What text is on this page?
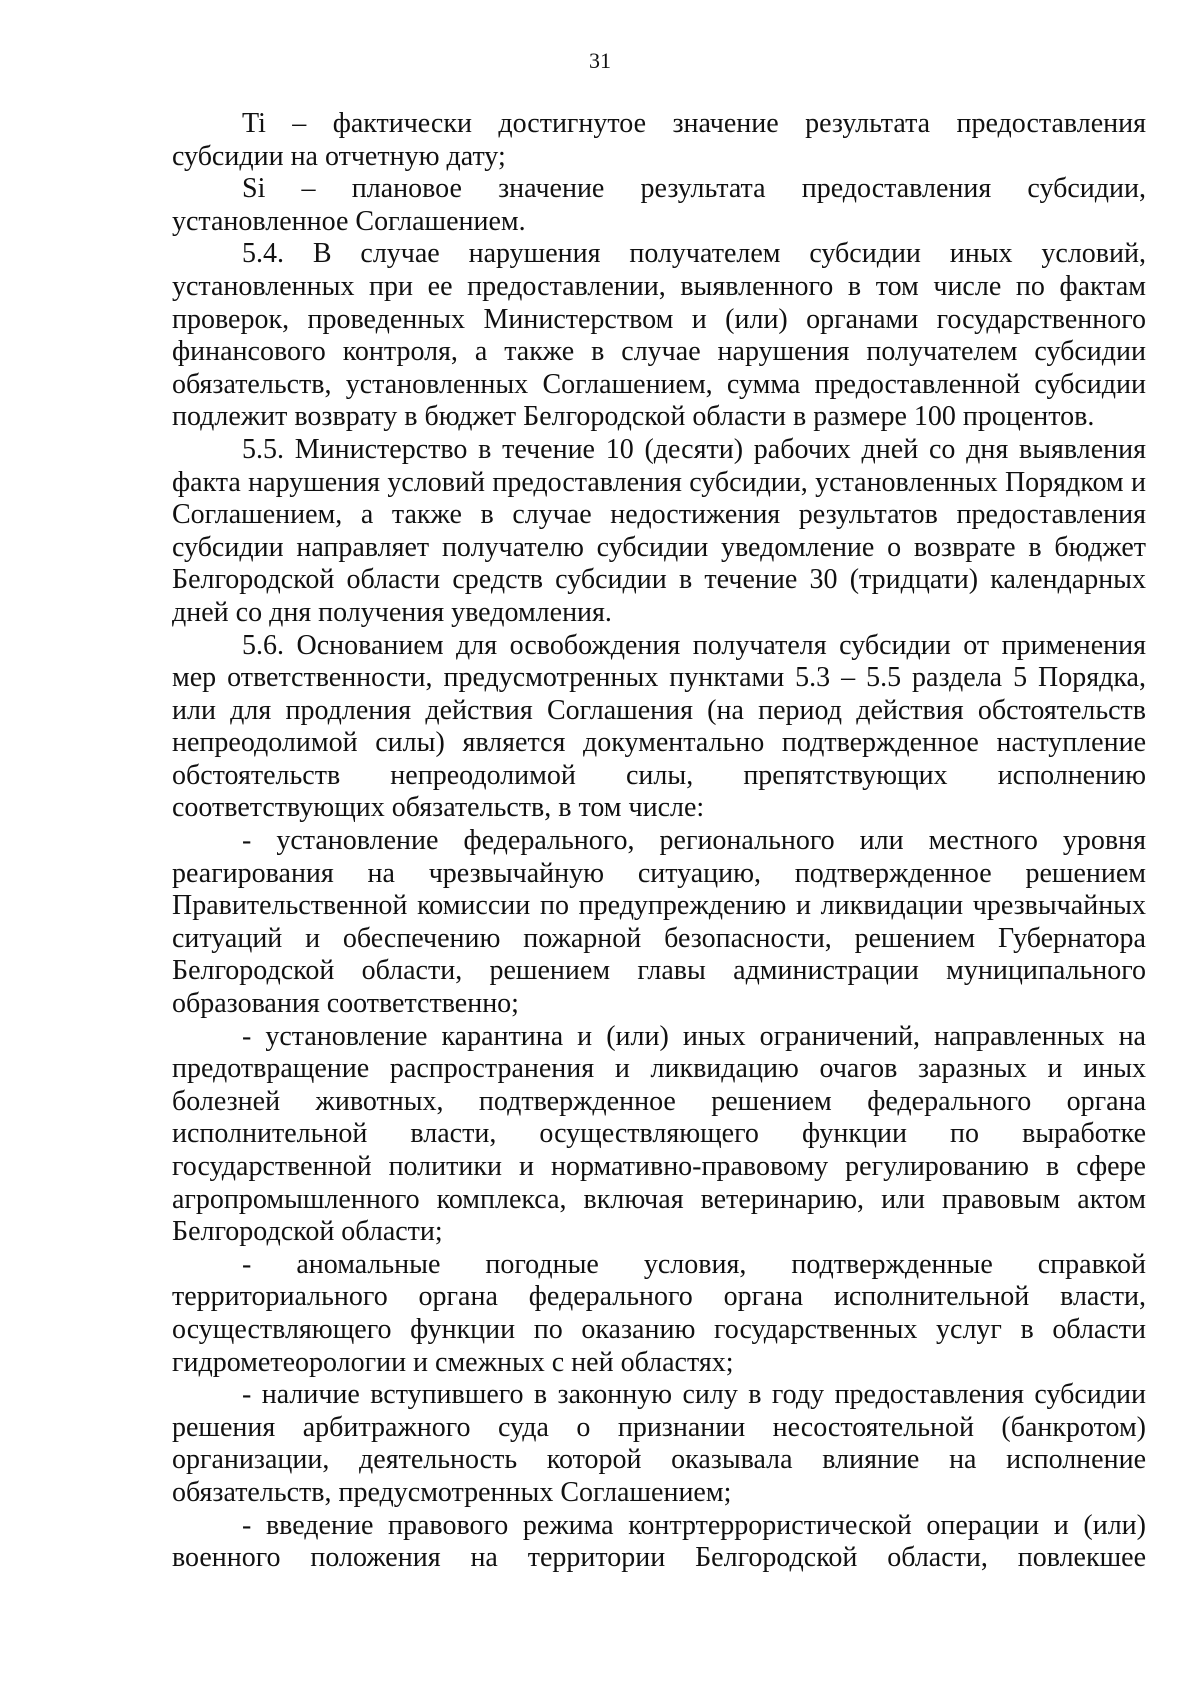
31

Ti – фактически достигнутое значение результата предоставления субсидии на отчетную дату;

Si – плановое значение результата предоставления субсидии, установленное Соглашением.

5.4. В случае нарушения получателем субсидии иных условий, установленных при ее предоставлении, выявленного в том числе по фактам проверок, проведенных Министерством и (или) органами государственного финансового контроля, а также в случае нарушения получателем субсидии обязательств, установленных Соглашением, сумма предоставленной субсидии подлежит возврату в бюджет Белгородской области в размере 100 процентов.

5.5. Министерство в течение 10 (десяти) рабочих дней со дня выявления факта нарушения условий предоставления субсидии, установленных Порядком и Соглашением, а также в случае недостижения результатов предоставления субсидии направляет получателю субсидии уведомление о возврате в бюджет Белгородской области средств субсидии в течение 30 (тридцати) календарных дней со дня получения уведомления.

5.6. Основанием для освобождения получателя субсидии от применения мер ответственности, предусмотренных пунктами 5.3 – 5.5 раздела 5 Порядка, или для продления действия Соглашения (на период действия обстоятельств непреодолимой силы) является документально подтвержденное наступление обстоятельств непреодолимой силы, препятствующих исполнению соответствующих обязательств, в том числе:

- установление федерального, регионального или местного уровня реагирования на чрезвычайную ситуацию, подтвержденное решением Правительственной комиссии по предупреждению и ликвидации чрезвычайных ситуаций и обеспечению пожарной безопасности, решением Губернатора Белгородской области, решением главы администрации муниципального образования соответственно;

- установление карантина и (или) иных ограничений, направленных на предотвращение распространения и ликвидацию очагов заразных и иных болезней животных, подтвержденное решением федерального органа исполнительной власти, осуществляющего функции по выработке государственной политики и нормативно-правовому регулированию в сфере агропромышленного комплекса, включая ветеринарию, или правовым актом Белгородской области;

- аномальные погодные условия, подтвержденные справкой территориального органа федерального органа исполнительной власти, осуществляющего функции по оказанию государственных услуг в области гидрометеорологии и смежных с ней областях;

- наличие вступившего в законную силу в году предоставления субсидии решения арбитражного суда о признании несостоятельной (банкротом) организации, деятельность которой оказывала влияние на исполнение обязательств, предусмотренных Соглашением;

- введение правового режима контртеррористической операции и (или) военного положения на территории Белгородской области, повлекшее
